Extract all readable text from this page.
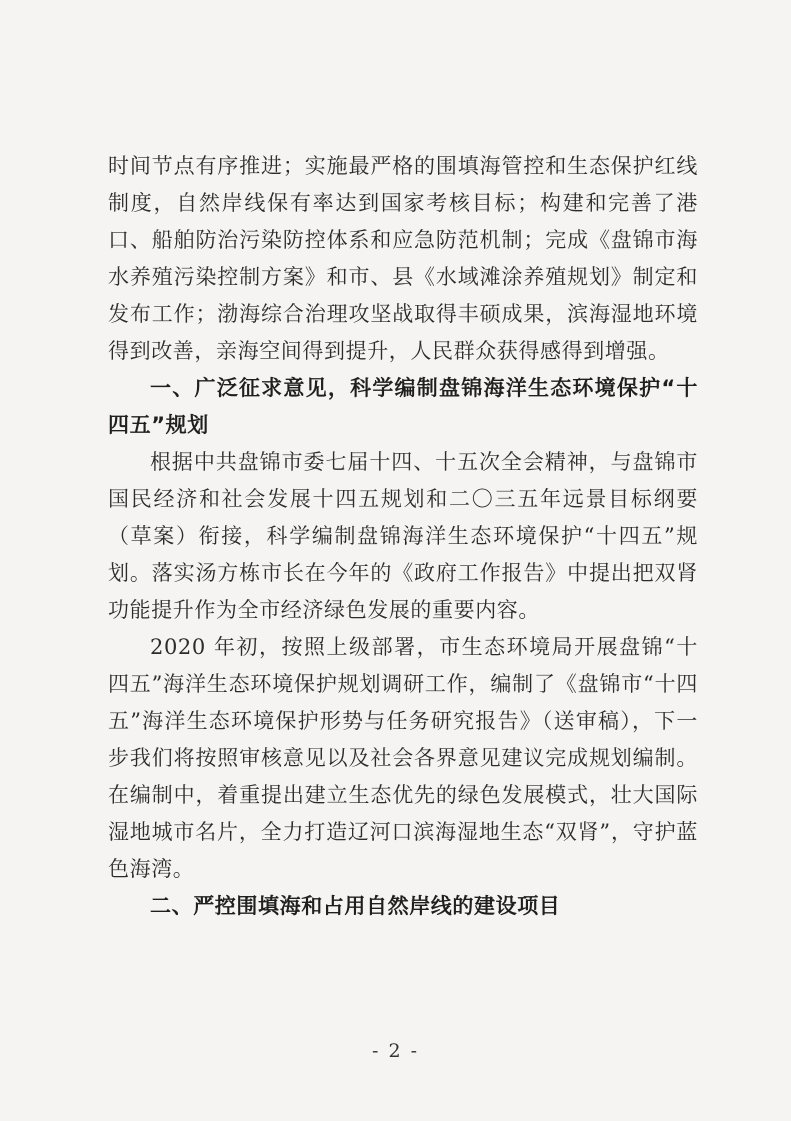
时间节点有序推进；实施最严格的围填海管控和生态保护红线制度，自然岸线保有率达到国家考核目标；构建和完善了港口、船舶防治污染防控体系和应急防范机制；完成《盘锦市海水养殖污染控制方案》和市、县《水域滩涂养殖规划》制定和发布工作；渤海综合治理攻坚战取得丰硕成果，滨海湿地环境得到改善，亲海空间得到提升，人民群众获得感得到增强。

一、广泛征求意见，科学编制盘锦海洋生态环境保护“十四五”规划

根据中共盘锦市委七届十四、十五次全会精神，与盘锦市国民经济和社会发展十四五规划和二〇三五年远景目标纲要（草案）衔接，科学编制盘锦海洋生态环境保护“十四五”规划。落实汤方栋市长在今年的《政府工作报告》中提出把双肾功能提升作为全市经济绿色发展的重要内容。

2020 年初，按照上级部署，市生态环境局开展盘锦“十四五”海洋生态环境保护规划调研工作，编制了《盘锦市“十四五”海洋生态环境保护形势与任务研究报告》（送审稿），下一步我们将按照审核意见以及社会各界意见建议完成规划编制。在编制中，着重提出建立生态优先的绿色发展模式，壮大国际湿地城市名片，全力打造辽河口滨海湿地生态“双肾”，守护蓝色海湾。

二、严控围填海和占用自然岸线的建设项目

- 2 -
